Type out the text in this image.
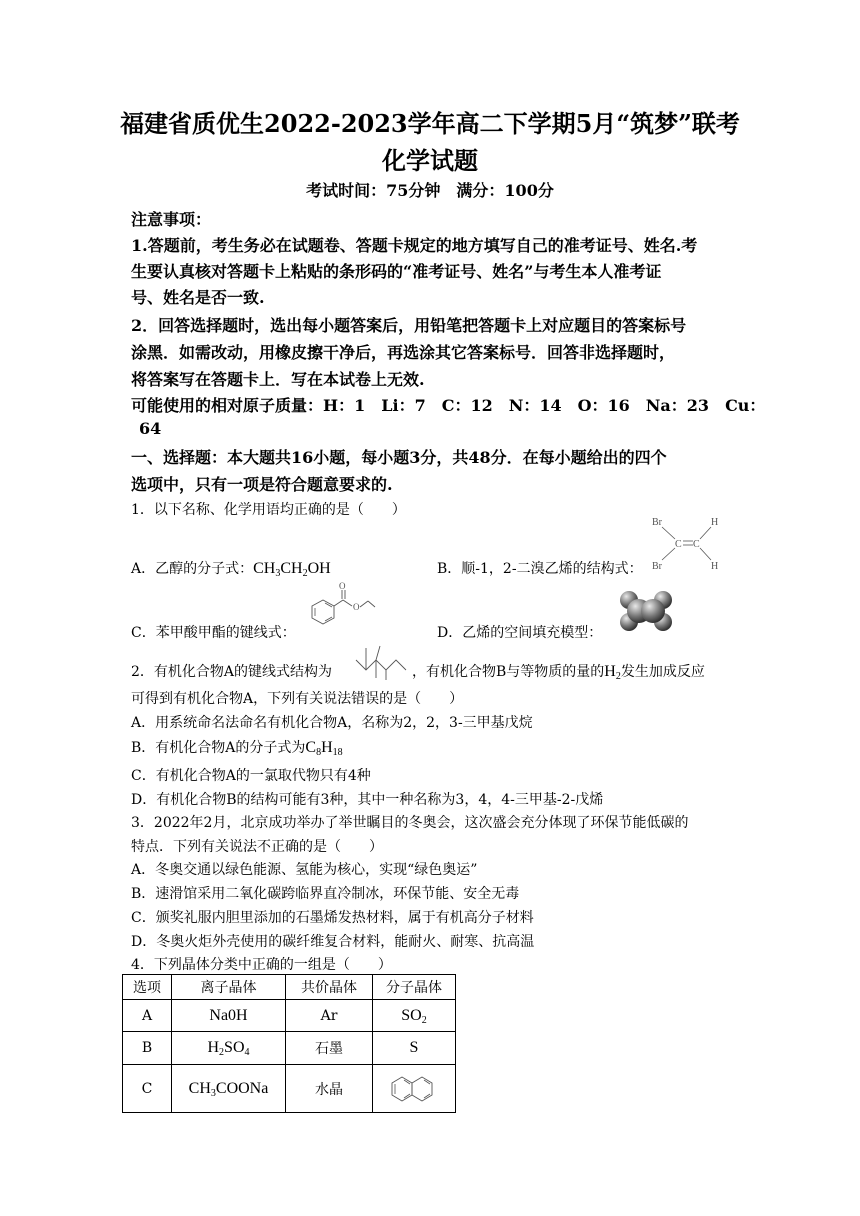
福建省质优生2022-2023学年高二下学期5月“筑梦”联考
化学试题
考试时间：75分钟　满分：100分
注意事项：
1.答题前，考生务必在试题卷、答题卡规定的地方填写自己的准考证号、姓名.考
生要认真核对答题卡上粘贴的条形码的“准考证号、姓名”与考生本人准考证
号、姓名是否一致.
2．回答选择题时，选出每小题答案后，用铅笔把答题卡上对应题目的答案标号
涂黑．如需改动，用橡皮擦干净后，再选涂其它答案标号．回答非选择题时，
将答案写在答题卡上．写在本试卷上无效.
可能使用的相对原子质量：H：1　Li：7　C：12　N：14　O：16　Na：23　Cu：
64
一、选择题：本大题共16小题，每小题3分，共48分．在每小题给出的四个
选项中，只有一项是符合题意要求的.
1．以下名称、化学用语均正确的是（　　）
A．乙醇的分子式：$CH_3CH_2OH$	B．顺-1，2-二溴乙烯的结构式：
Br	H
Br	H
C C
C．苯甲酸甲酯的键线式：
O
O
D．乙烯的空间填充模型：
2．有机化合物A的键线式结构为	，有机化合物B与等物质的量的$H_2$发生加成反应
可得到有机化合物A，下列有关说法错误的是（　　）
A．用系统命名法命名有机化合物A，名称为2，2，3-三甲基戊烷
B．有机化合物A的分子式为$C_8H_{18}$
C．有机化合物A的一氯取代物只有4种
D．有机化合物B的结构可能有3种，其中一种名称为3，4，4-三甲基-2-戊烯
3．2022年2月，北京成功举办了举世瞩目的冬奥会，这次盛会充分体现了环保节能低碳的
特点．下列有关说法不正确的是（　　）
A．冬奥交通以绿色能源、氢能为核心，实现“绿色奥运”
B．速滑馆采用二氧化碳跨临界直冷制冰，环保节能、安全无毒
C．颁奖礼服内胆里添加的石墨烯发热材料，属于有机高分子材料
D．冬奥火炬外壳使用的碳纤维复合材料，能耐火、耐寒、抗高温
4．下列晶体分类中正确的一组是（　　）
选项	离子晶体	共价晶体	分子晶体
A	Na0H	Ar	$SO_2$
B	$H_2SO_4$	石墨	S
C	$CH_3COONa$	水晶	
